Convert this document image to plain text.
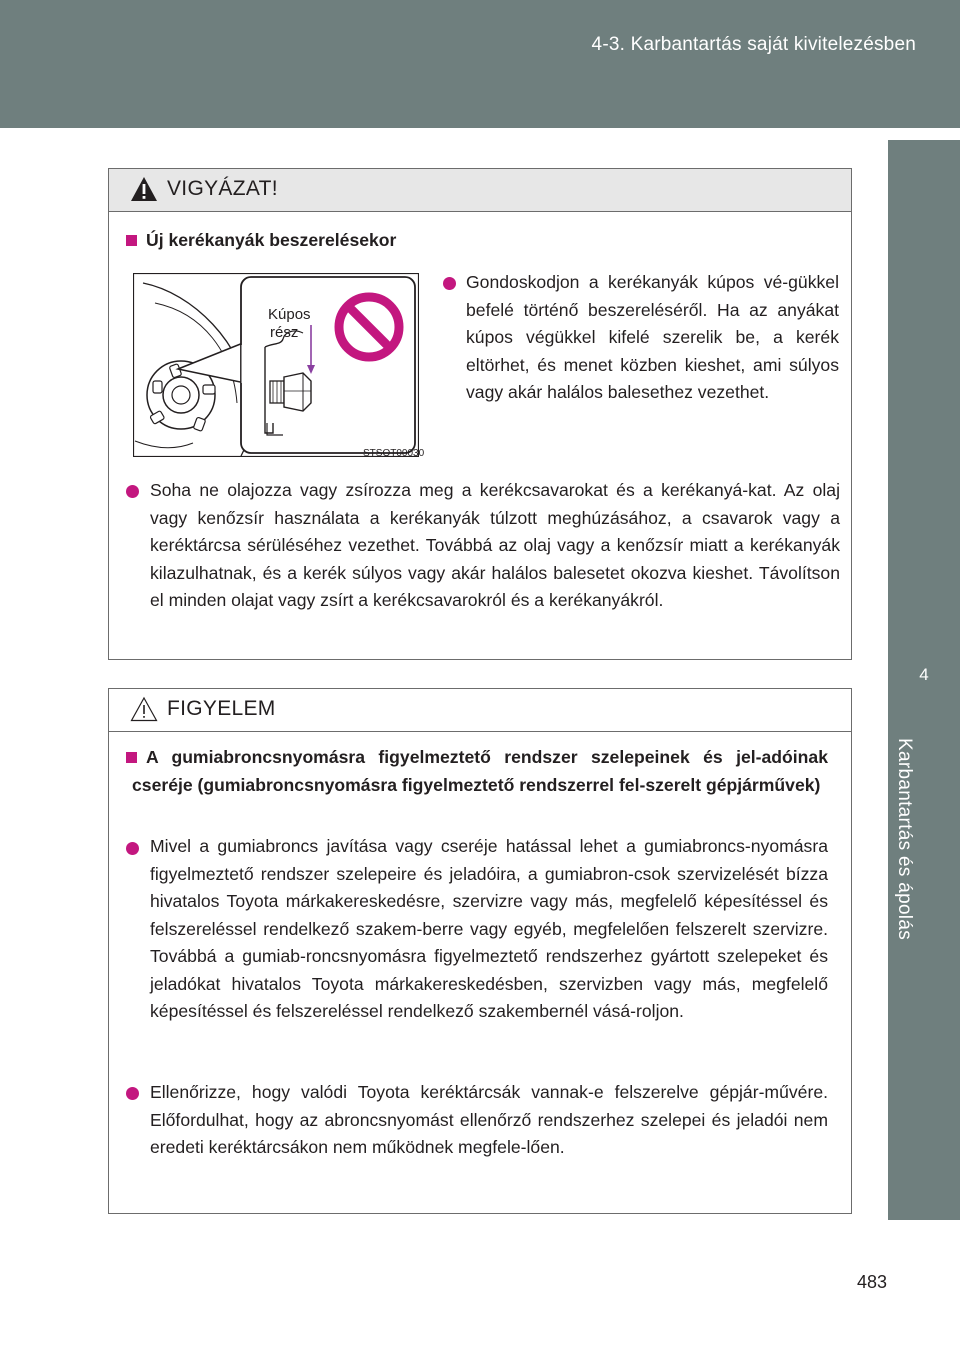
4-3. Karbantartás saját kivitelezésben
4
Karbantartás és ápolás
VIGYÁZAT!
Új kerékanyák beszerelésekor
Kúpos
rész
STSOT00030
Gondoskodjon a kerékanyák kúpos vé-gükkel befelé történő beszereléséről. Ha az anyákat kúpos végükkel kifelé szerelik be, a kerék eltörhet, és menet közben kieshet, ami súlyos vagy akár halálos balesethez vezethet.
Soha ne olajozza vagy zsírozza meg a kerékcsavarokat és a kerékanyá-kat. Az olaj vagy kenőzsír használata a kerékanyák túlzott meghúzásához, a csavarok vagy a keréktárcsa sérüléséhez vezethet. Továbbá az olaj vagy a kenőzsír miatt a kerékanyák kilazulhatnak, és a kerék súlyos vagy akár halálos balesetet okozva kieshet. Távolítson el minden olajat vagy zsírt a kerékcsavarokról és a kerékanyákról.
FIGYELEM
A gumiabroncsnyomásra figyelmeztető rendszer szelepeinek és jel-adóinak cseréje (gumiabroncsnyomásra figyelmeztető rendszerrel fel-szerelt gépjárművek)
Mivel a gumiabroncs javítása vagy cseréje hatással lehet a gumiabroncs-nyomásra figyelmeztető rendszer szelepeire és jeladóira, a gumiabron-csok szervizelését bízza hivatalos Toyota márkakereskedésre, szervizre vagy más, megfelelő képesítéssel és felszereléssel rendelkező szakem-berre vagy egyéb, megfelelően felszerelt szervizre. Továbbá a gumiab-roncsnyomásra figyelmeztető rendszerhez gyártott szelepeket és jeladókat hivatalos Toyota márkakereskedésben, szervizben vagy más, megfelelő képesítéssel és felszereléssel rendelkező szakembernél vásá-roljon.
Ellenőrizze, hogy valódi Toyota keréktárcsák vannak-e felszerelve gépjár-művére. Előfordulhat, hogy az abroncsnyomást ellenőrző rendszerhez szelepei és jeladói nem eredeti keréktárcsákon nem működnek megfele-lően.
483
